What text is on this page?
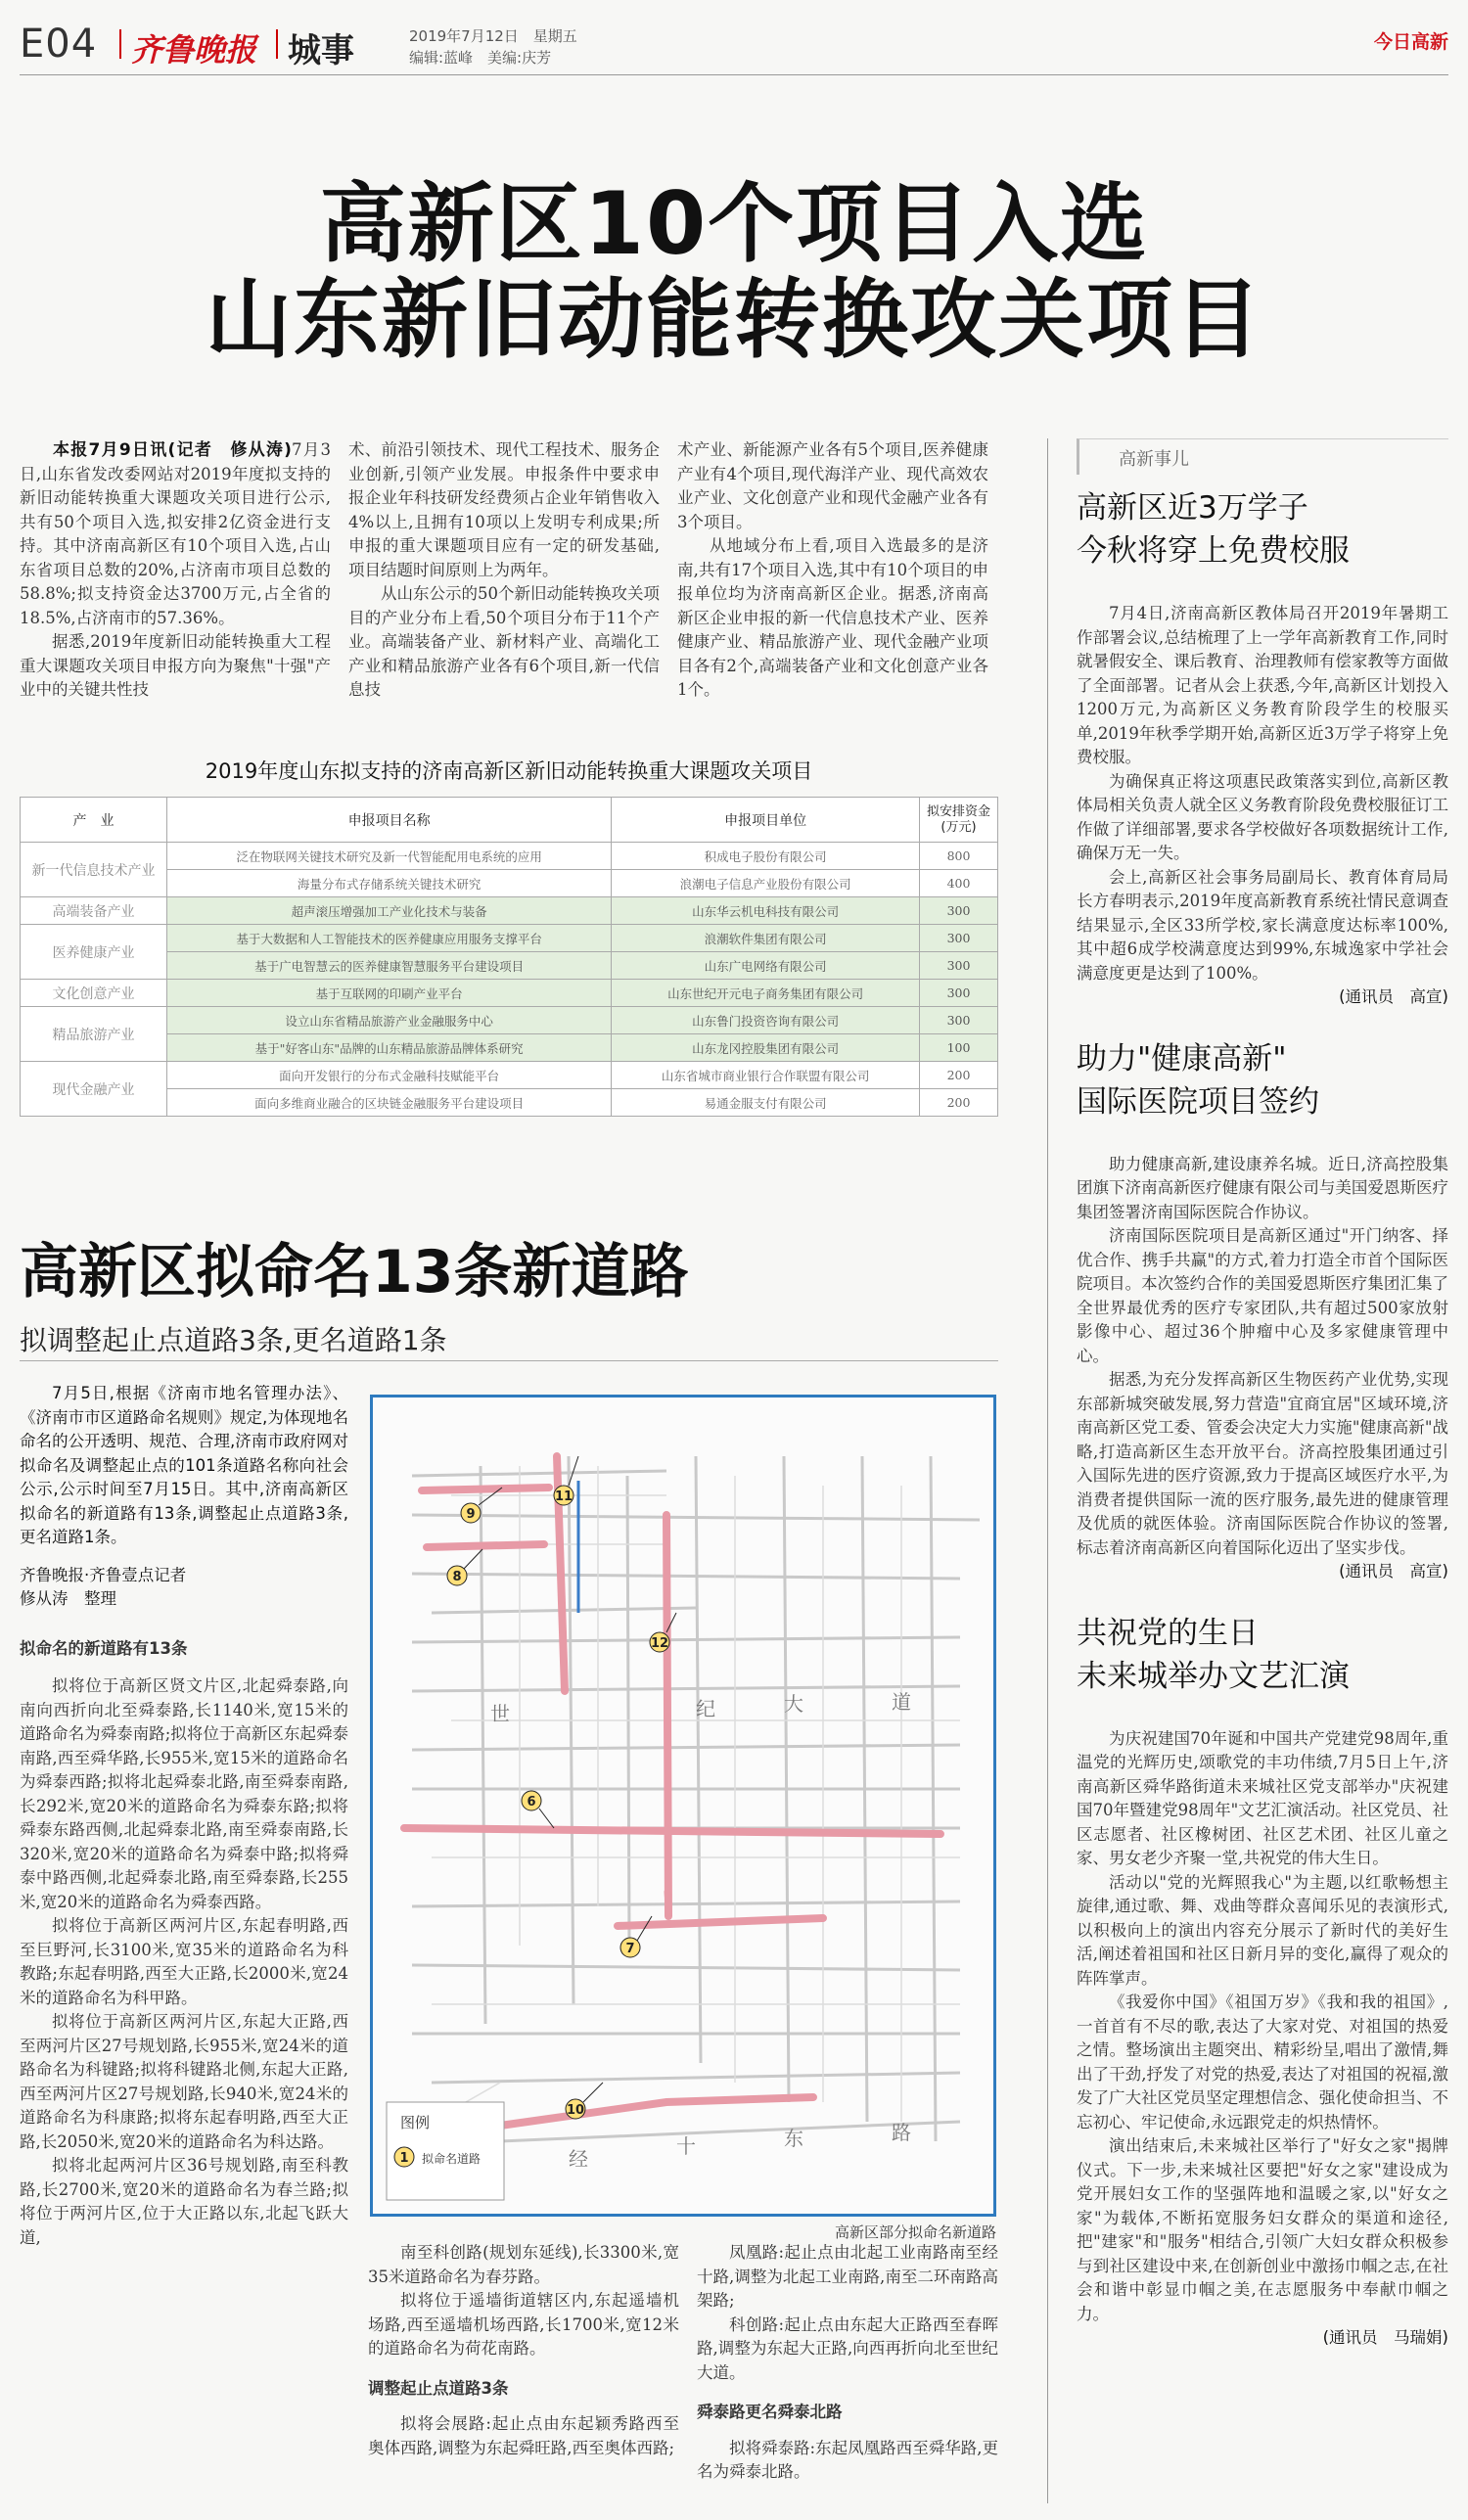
E04 齐鲁晚报 城事	2019年7月12日　星期五
编辑:蓝峰　美编:庆芳
今日高新
高新区10个项目入选
山东新旧动能转换攻关项目

本报7月9日讯(记者　修从涛)7月3日,山东省发改委网站对2019年度拟支持的新旧动能转换重大课题攻关项目进行公示,共有50个项目入选,拟安排2亿资金进行支持。其中济南高新区有10个项目入选,占山东省项目总数的20%,占济南市项目总数的58.8%;拟支持资金达3700万元,占全省的18.5%,占济南市的57.36%。

据悉,2019年度新旧动能转换重大工程重大课题攻关项目申报方向为聚焦"十强"产业中的关键共性技

术、前沿引领技术、现代工程技术、服务企业创新,引领产业发展。申报条件中要求申报企业年科技研发经费须占企业年销售收入4%以上,且拥有10项以上发明专利成果;所申报的重大课题项目应有一定的研发基础,项目结题时间原则上为两年。

从山东公示的50个新旧动能转换攻关项目的产业分布上看,50个项目分布于11个产业。高端装备产业、新材料产业、高端化工产业和精品旅游产业各有6个项目,新一代信息技

术产业、新能源产业各有5个项目,医养健康产业有4个项目,现代海洋产业、现代高效农业产业、文化创意产业和现代金融产业各有3个项目。

从地域分布上看,项目入选最多的是济南,共有17个项目入选,其中有10个项目的申报单位均为济南高新区企业。据悉,济南高新区企业申报的新一代信息技术产业、医养健康产业、精品旅游产业、现代金融产业项目各有2个,高端装备产业和文化创意产业各1个。

2019年度山东拟支持的济南高新区新旧动能转换重大课题攻关项目
产　业	申报项目名称	申报项目单位	拟安排资金(万元)
新一代信息技术产业	泛在物联网关键技术研究及新一代智能配用电系统的应用	积成电子股份有限公司	800
	海量分布式存储系统关键技术研究	浪潮电子信息产业股份有限公司	400
高端装备产业	超声滚压增强加工产业化技术与装备	山东华云机电科技有限公司	300
医养健康产业	基于大数据和人工智能技术的医养健康应用服务支撑平台	浪潮软件集团有限公司	300
	基于广电智慧云的医养健康智慧服务平台建设项目	山东广电网络有限公司	300
文化创意产业	基于互联网的印刷产业平台	山东世纪开元电子商务集团有限公司	300
精品旅游产业	设立山东省精品旅游产业金融服务中心	山东鲁门投资咨询有限公司	300
	基于"好客山东"品牌的山东精品旅游品牌体系研究	山东龙冈控股集团有限公司	100
现代金融产业	面向开发银行的分布式金融科技赋能平台	山东省城市商业银行合作联盟有限公司	200
	面向多维商业融合的区块链金融服务平台建设项目	易通金服支付有限公司	200
高新区拟命名13条新道路
拟调整起止点道路3条,更名道路1条

7月5日,根据《济南市地名管理办法》、《济南市市区道路命名规则》规定,为体现地名命名的公开透明、规范、合理,济南市政府网对拟命名及调整起止点的101条道路名称向社会公示,公示时间至7月15日。其中,济南高新区拟命名的新道路有13条,调整起止点道路3条,更名道路1条。

齐鲁晚报·齐鲁壹点记者

修从涛　整理

拟命名的新道路有13条

拟将位于高新区贤文片区,北起舜泰路,向南向西折向北至舜泰路,长1140米,宽15米的道路命名为舜泰南路;拟将位于高新区东起舜泰南路,西至舜华路,长955米,宽15米的道路命名为舜泰西路;拟将北起舜泰北路,南至舜泰南路,长292米,宽20米的道路命名为舜泰东路;拟将舜泰东路西侧,北起舜泰北路,南至舜泰南路,长320米,宽20米的道路命名为舜泰中路;拟将舜泰中路西侧,北起舜泰北路,南至舜泰路,长255米,宽20米的道路命名为舜泰西路。

拟将位于高新区两河片区,东起春明路,西至巨野河,长3100米,宽35米的道路命名为科教路;东起春明路,西至大正路,长2000米,宽24米的道路命名为科甲路。

拟将位于高新区两河片区,东起大正路,西至两河片区27号规划路,长955米,宽24米的道路命名为科键路;拟将科键路北侧,东起大正路,西至两河片区27号规划路,长940米,宽24米的道路命名为科康路;拟将东起春明路,西至大正路,长2050米,宽20米的道路命名为科达路。

拟将北起两河片区36号规划路,南至科教路,长2700米,宽20米的道路命名为春兰路;拟将位于两河片区,位于大正路以东,北起飞跃大道,

世	纪	大	道
经
十	东	路
9
8
11
12
6
7
10
图例
1 拟命名道路
高新区部分拟命名新道路

南至科创路(规划东延线),长3300米,宽35米道路命名为春芬路。

拟将位于遥墙街道辖区内,东起遥墙机场路,西至遥墙机场西路,长1700米,宽12米的道路命名为荷花南路。

调整起止点道路3条

拟将会展路:起止点由东起颖秀路西至奥体西路,调整为东起舜旺路,西至奥体西路;

凤凰路:起止点由北起工业南路南至经十路,调整为北起工业南路,南至二环南路高架路;

科创路:起止点由东起大正路西至春晖路,调整为东起大正路,向西再折向北至世纪大道。

舜泰路更名舜泰北路

拟将舜泰路:东起凤凰路西至舜华路,更名为舜泰北路。

高新事儿
高新区近3万学子
今秋将穿上免费校服

7月4日,济南高新区教体局召开2019年暑期工作部署会议,总结梳理了上一学年高新教育工作,同时就暑假安全、课后教育、治理教师有偿家教等方面做了全面部署。记者从会上获悉,今年,高新区计划投入1200万元,为高新区义务教育阶段学生的校服买单,2019年秋季学期开始,高新区近3万学子将穿上免费校服。

为确保真正将这项惠民政策落实到位,高新区教体局相关负责人就全区义务教育阶段免费校服征订工作做了详细部署,要求各学校做好各项数据统计工作,确保万无一失。

会上,高新区社会事务局副局长、教育体育局局长方春明表示,2019年度高新教育系统社情民意调查结果显示,全区33所学校,家长满意度达标率100%,其中超6成学校满意度达到99%,东城逸家中学社会满意度更是达到了100%。

(通讯员　高宣)

助力"健康高新"
国际医院项目签约

助力健康高新,建设康养名城。近日,济高控股集团旗下济南高新医疗健康有限公司与美国爱恩斯医疗集团签署济南国际医院合作协议。

济南国际医院项目是高新区通过"开门纳客、择优合作、携手共赢"的方式,着力打造全市首个国际医院项目。本次签约合作的美国爱恩斯医疗集团汇集了全世界最优秀的医疗专家团队,共有超过500家放射影像中心、超过36个肿瘤中心及多家健康管理中心。

据悉,为充分发挥高新区生物医药产业优势,实现东部新城突破发展,努力营造"宜商宜居"区域环境,济南高新区党工委、管委会决定大力实施"健康高新"战略,打造高新区生态开放平台。济高控股集团通过引入国际先进的医疗资源,致力于提高区域医疗水平,为消费者提供国际一流的医疗服务,最先进的健康管理及优质的就医体验。济南国际医院合作协议的签署,标志着济南高新区向着国际化迈出了坚实步伐。

(通讯员　高宣)

共祝党的生日
未来城举办文艺汇演

为庆祝建国70年诞和中国共产党建党98周年,重温党的光辉历史,颂歌党的丰功伟绩,7月5日上午,济南高新区舜华路街道未来城社区党支部举办"庆祝建国70年暨建党98周年"文艺汇演活动。社区党员、社区志愿者、社区橡树团、社区艺术团、社区儿童之家、男女老少齐聚一堂,共祝党的伟大生日。

活动以"党的光辉照我心"为主题,以红歌畅想主旋律,通过歌、舞、戏曲等群众喜闻乐见的表演形式,以积极向上的演出内容充分展示了新时代的美好生活,阐述着祖国和社区日新月异的变化,赢得了观众的阵阵掌声。

《我爱你中国》《祖国万岁》《我和我的祖国》,一首首有不尽的歌,表达了大家对党、对祖国的热爱之情。整场演出主题突出、精彩纷呈,唱出了激情,舞出了干劲,抒发了对党的热爱,表达了对祖国的祝福,激发了广大社区党员坚定理想信念、强化使命担当、不忘初心、牢记使命,永远跟党走的炽热情怀。

演出结束后,未来城社区举行了"好女之家"揭牌仪式。下一步,未来城社区要把"好女之家"建设成为党开展妇女工作的坚强阵地和温暖之家,以"好女之家"为载体,不断拓宽服务妇女群众的渠道和途径,把"建家"和"服务"相结合,引领广大妇女群众积极参与到社区建设中来,在创新创业中激扬巾帼之志,在社会和谐中彰显巾帼之美,在志愿服务中奉献巾帼之力。

(通讯员　马瑞娟)
